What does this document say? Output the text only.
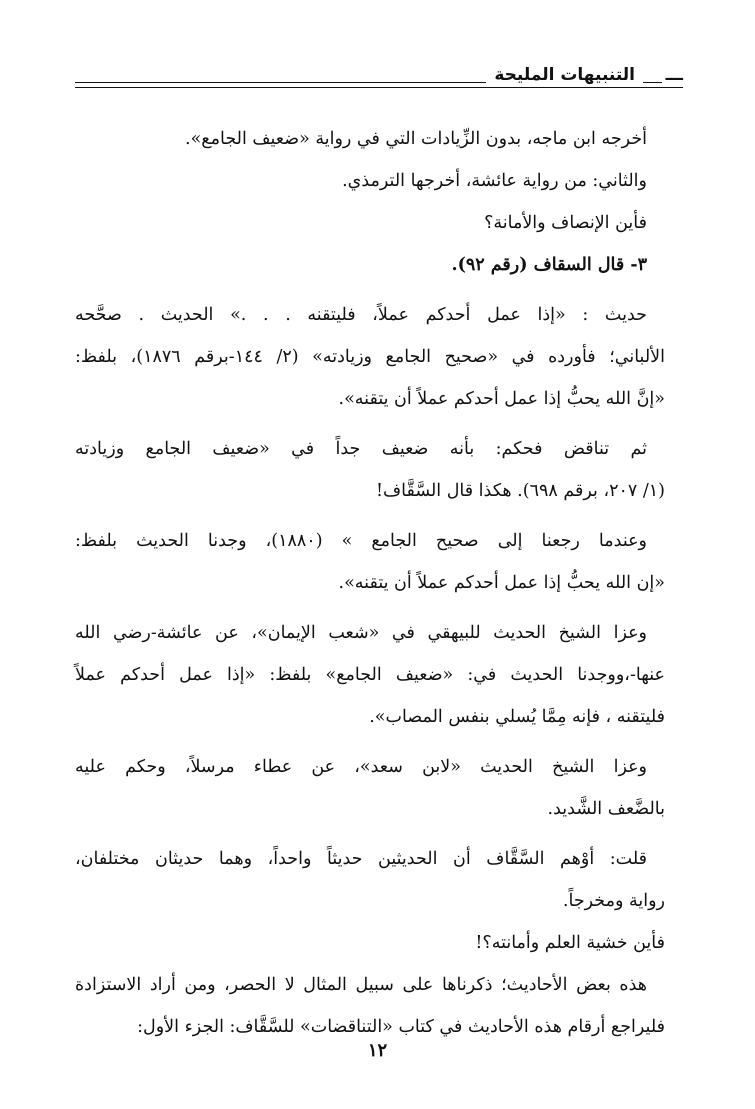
ـــ
التنبيهات المليحة

أخرجه ابن ماجه، بدون الزِّيادات التي في رواية «ضعيف الجامع».

والثاني: من رواية عائشة، أخرجها الترمذي.

فأين الإنصاف والأمانة؟

٣- قال السقاف (رقم ٩٢).

حديث : «إذا عمل أحدكم عملاً، فليتقنه . . .» الحديث . صحَّحه
الألباني؛ فأورده في «صحيح الجامع وزيادته» (٢/ ١٤٤-برقم ١٨٧٦)، بلفظ:
«إنَّ الله يحبُّ إذا عمل أحدكم عملاً أن يتقنه».

ثم تناقض فحكم: بأنه ضعيف جداً في «ضعيف الجامع وزيادته
(١/ ٢٠٧، برقم ٦٩٨). هكذا قال السَّقَّاف!

وعندما رجعنا إلى صحيح الجامع » (١٨٨٠)، وجدنا الحديث بلفظ:
«إن الله يحبُّ إذا عمل أحدكم عملاً أن يتقنه».

وعزا الشيخ الحديث للبيهقي في «شعب الإيمان»، عن عائشة-رضي الله
عنها-،ووجدنا الحديث في: «ضعيف الجامع» بلفظ: «إذا عمل أحدكم عملاً
فليتقنه ، فإنه مِمَّا يُسلي بنفس المصاب».

وعزا الشيخ الحديث «لابن سعد»، عن عطاء مرسلاً، وحكم عليه
بالضَّعف الشَّديد.

قلت: أوْهم السَّقَّاف أن الحديثين حديثاً واحداً، وهما حديثان مختلفان،
رواية ومخرجاً.

فأين خشية العلم وأمانته؟!

هذه بعض الأحاديث؛ ذكرناها على سبيل المثال لا الحصر، ومن أراد الاستزادة
فليراجع أرقام هذه الأحاديث في كتاب «التناقضات» للسَّقَّاف: الجزء الأول:

١٢
